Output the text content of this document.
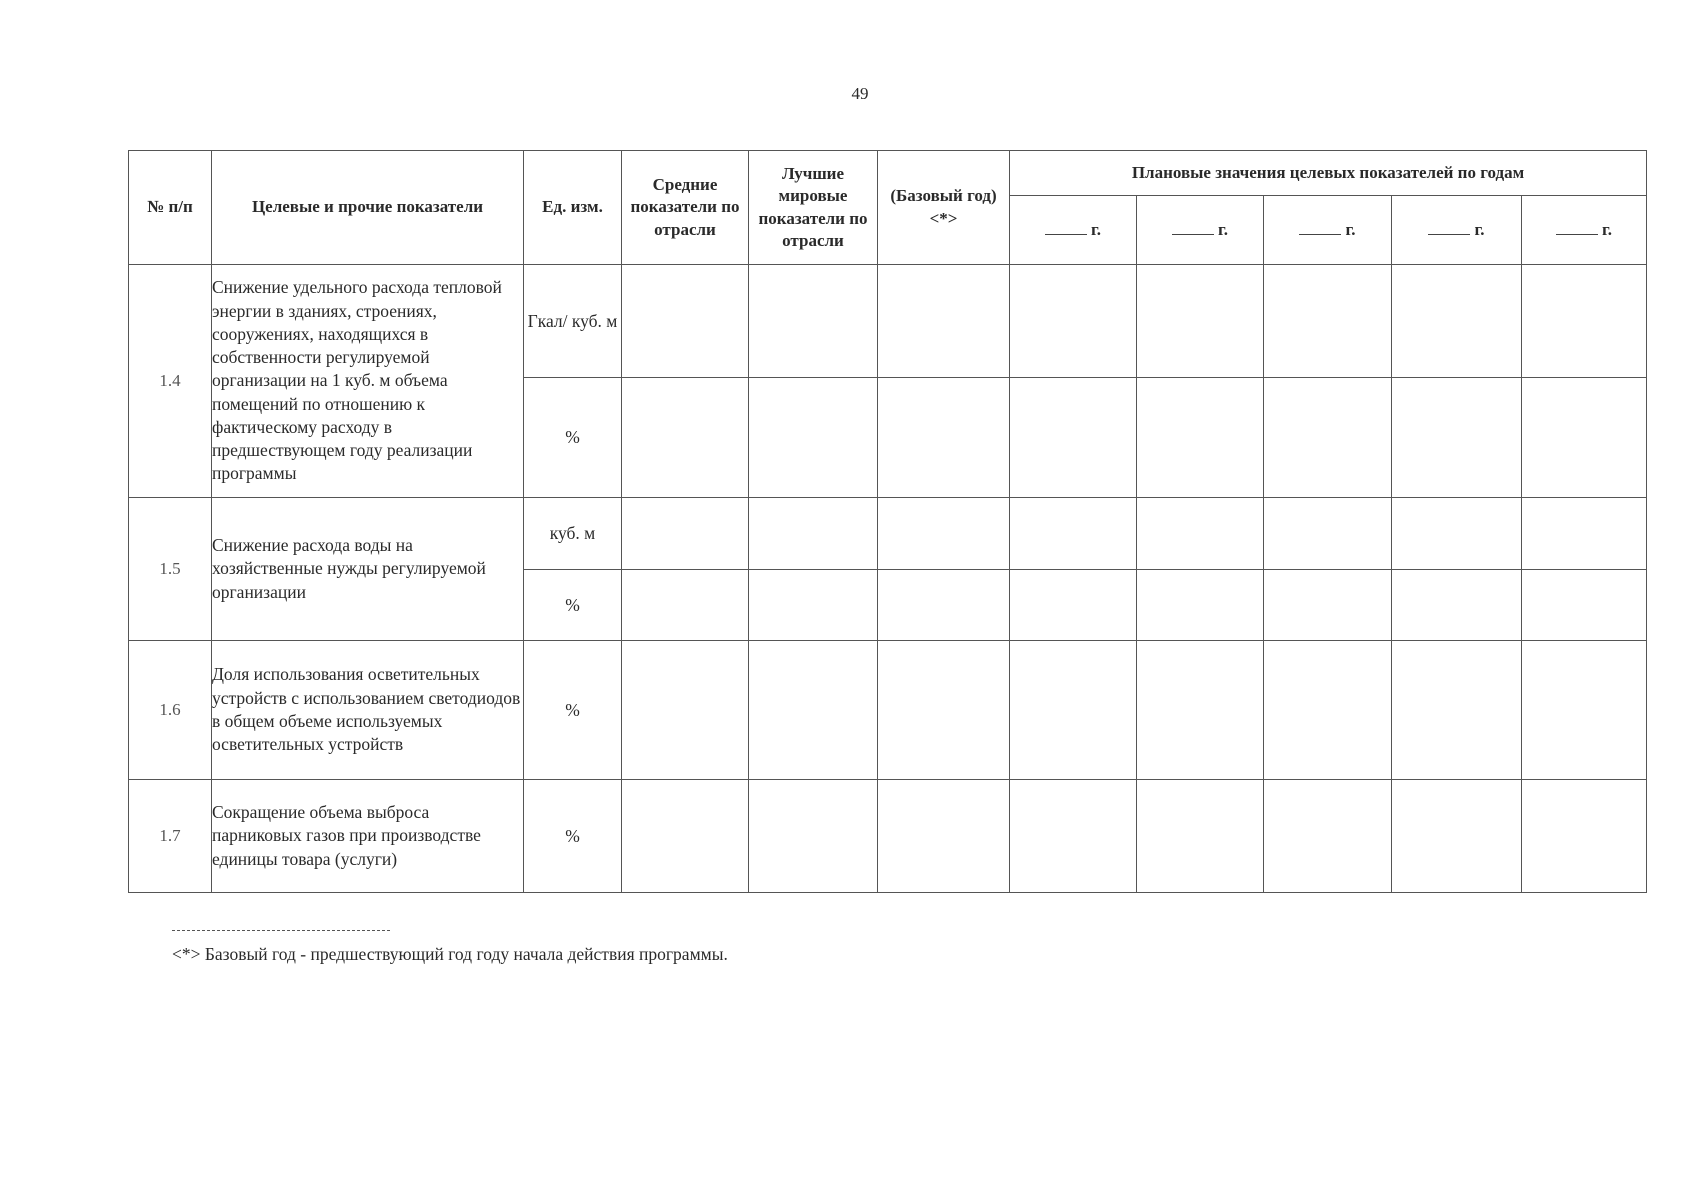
49
№ п/п	Целевые и прочие показатели	Ед. изм.	Средние показатели по отрасли	Лучшие мировые показатели по отрасли	(Базовый год) <*>	Плановые значения целевых показателей по годам				
						г.	г.	г.	г.	г.
1.4	Снижение удельного расхода тепловой энергии в зданиях, строениях, сооружениях, находящихся в собственности регулируемой организации на 1 куб. м объема помещений по отношению к фактическому расходу в предшествующем году реализации программы	Гкал/ куб. м								
		%								
1.5	Снижение расхода воды на хозяйственные нужды регулируемой организации	куб. м								
		%								
1.6	Доля использования осветительных устройств с использованием светодиодов в общем объеме используемых осветительных устройств	%								
1.7	Сокращение объема выброса парниковых газов при производстве единицы товара (услуги)	%								
<*> Базовый год - предшествующий год году начала действия программы.
